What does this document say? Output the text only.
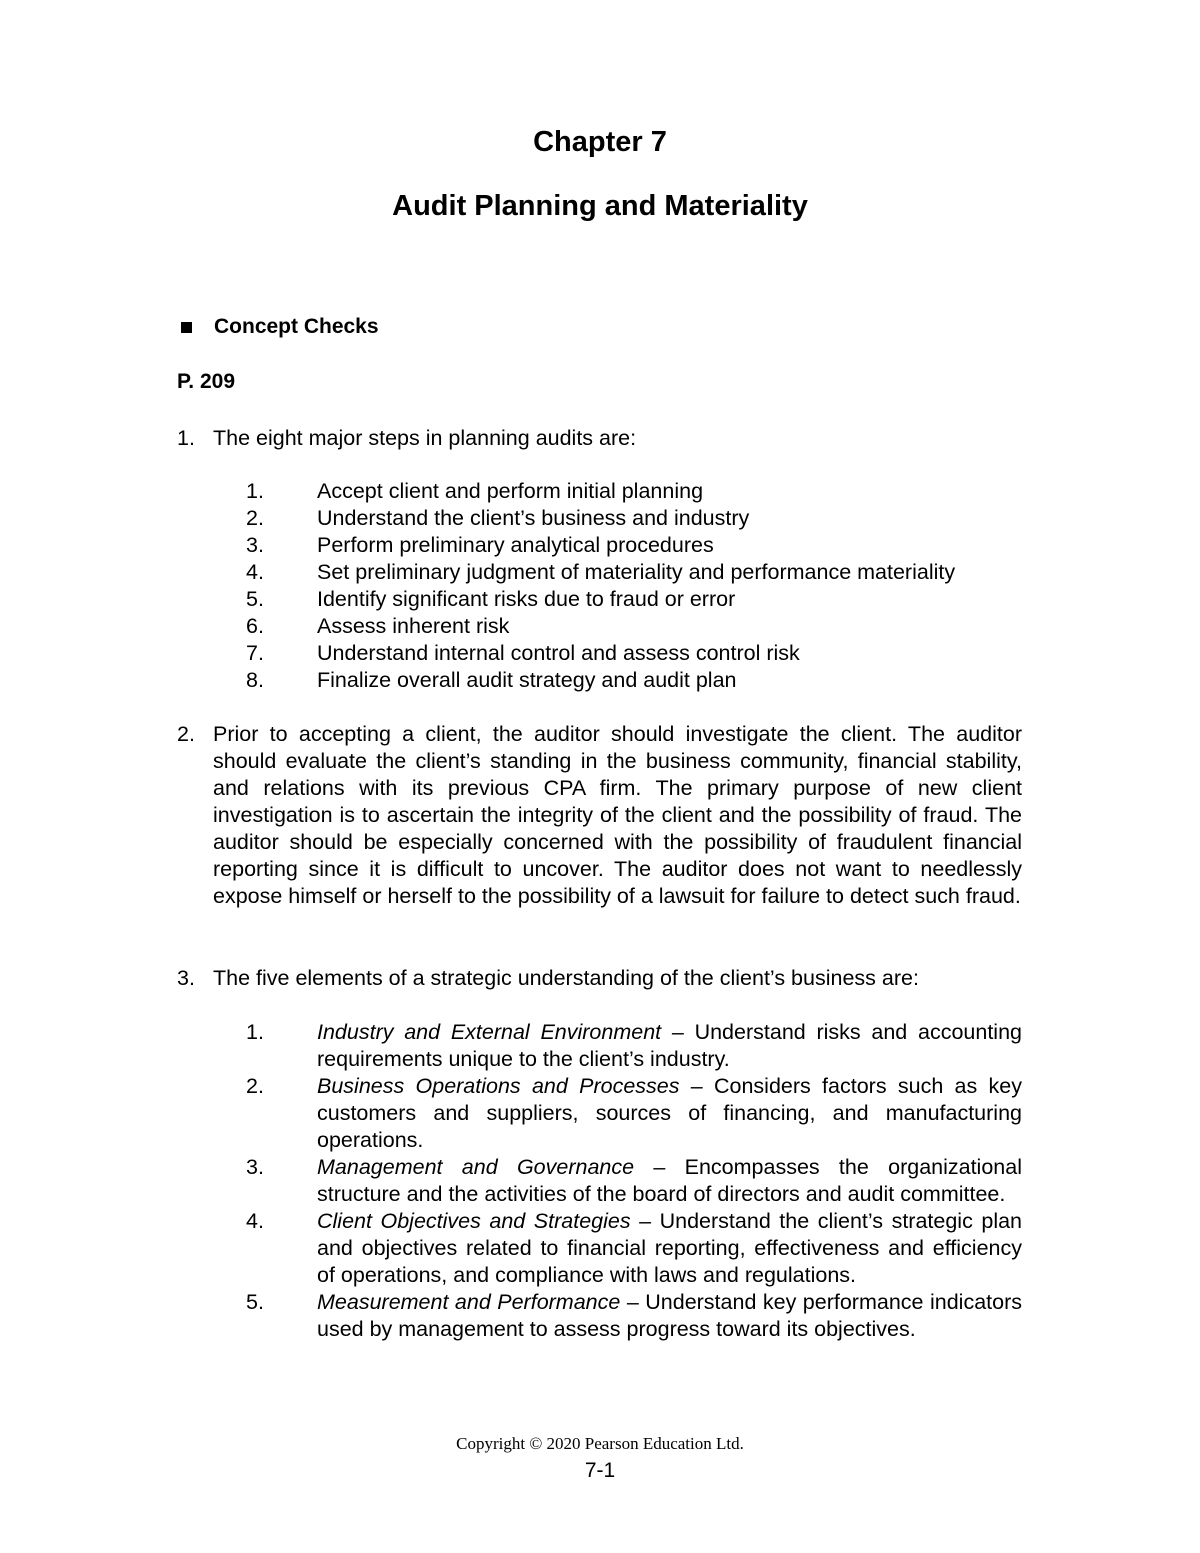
Chapter 7
Audit Planning and Materiality
Concept Checks
P. 209
1. The eight major steps in planning audits are:
1. Accept client and perform initial planning
2. Understand the client’s business and industry
3. Perform preliminary analytical procedures
4. Set preliminary judgment of materiality and performance materiality
5. Identify significant risks due to fraud or error
6. Assess inherent risk
7. Understand internal control and assess control risk
8. Finalize overall audit strategy and audit plan
2. Prior to accepting a client, the auditor should investigate the client. The auditor should evaluate the client’s standing in the business community, financial stability, and relations with its previous CPA firm. The primary purpose of new client investigation is to ascertain the integrity of the client and the possibility of fraud. The auditor should be especially concerned with the possibility of fraudulent financial reporting since it is difficult to uncover. The auditor does not want to needlessly expose himself or herself to the possibility of a lawsuit for failure to detect such fraud.
3. The five elements of a strategic understanding of the client’s business are:
1. Industry and External Environment – Understand risks and accounting requirements unique to the client’s industry.
2. Business Operations and Processes – Considers factors such as key customers and suppliers, sources of financing, and manufacturing operations.
3. Management and Governance – Encompasses the organizational structure and the activities of the board of directors and audit committee.
4. Client Objectives and Strategies – Understand the client’s strategic plan and objectives related to financial reporting, effectiveness and efficiency of operations, and compliance with laws and regulations.
5. Measurement and Performance – Understand key performance indicators used by management to assess progress toward its objectives.
Copyright © 2020 Pearson Education Ltd.
7-1
